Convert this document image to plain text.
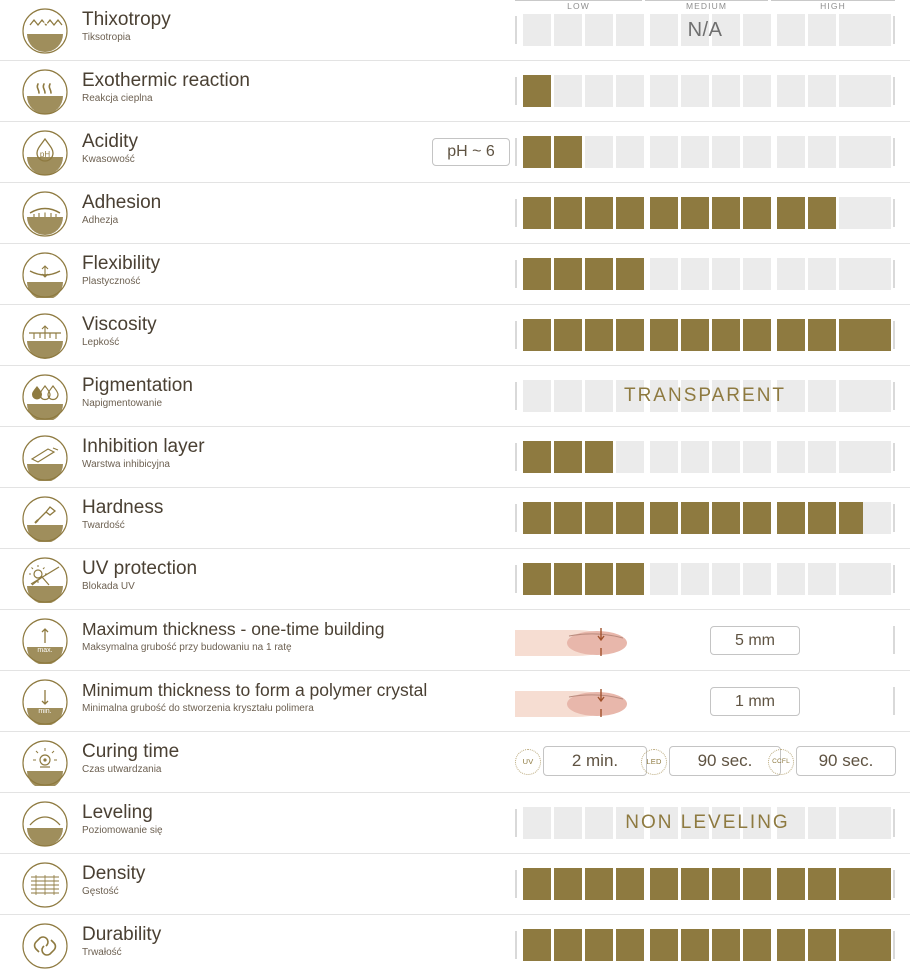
LOW	MEDIUM	HIGH
Thixotropy
Tiksotropia	N/A
Exothermic reaction
Reakcja cieplna
pH
Acidity
Kwasowość	pH ~ 6
Adhesion
Adhezja
Flexibility
Plastyczność
Viscosity
Lepkość
Pigmentation
Napigmentowanie	TRANSPARENT
Inhibition layer
Warstwa inhibicyjna
Hardness
Twardość
UV protection
Blokada UV
max.
Maximum thickness - one-time building
Maksymalna grubość przy budowaniu na 1 ratę	5 mm
min.
Minimum thickness to form a polymer crystal
Minimalna grubość do stworzenia kryształu polimera	1 mm
Curing time
Czas utwardzania
UV	2 min.	LED	90 sec.	CCFL	90 sec.
Leveling
Poziomowanie się	NON LEVELING
Density
Gęstość
Durability
Trwałość
